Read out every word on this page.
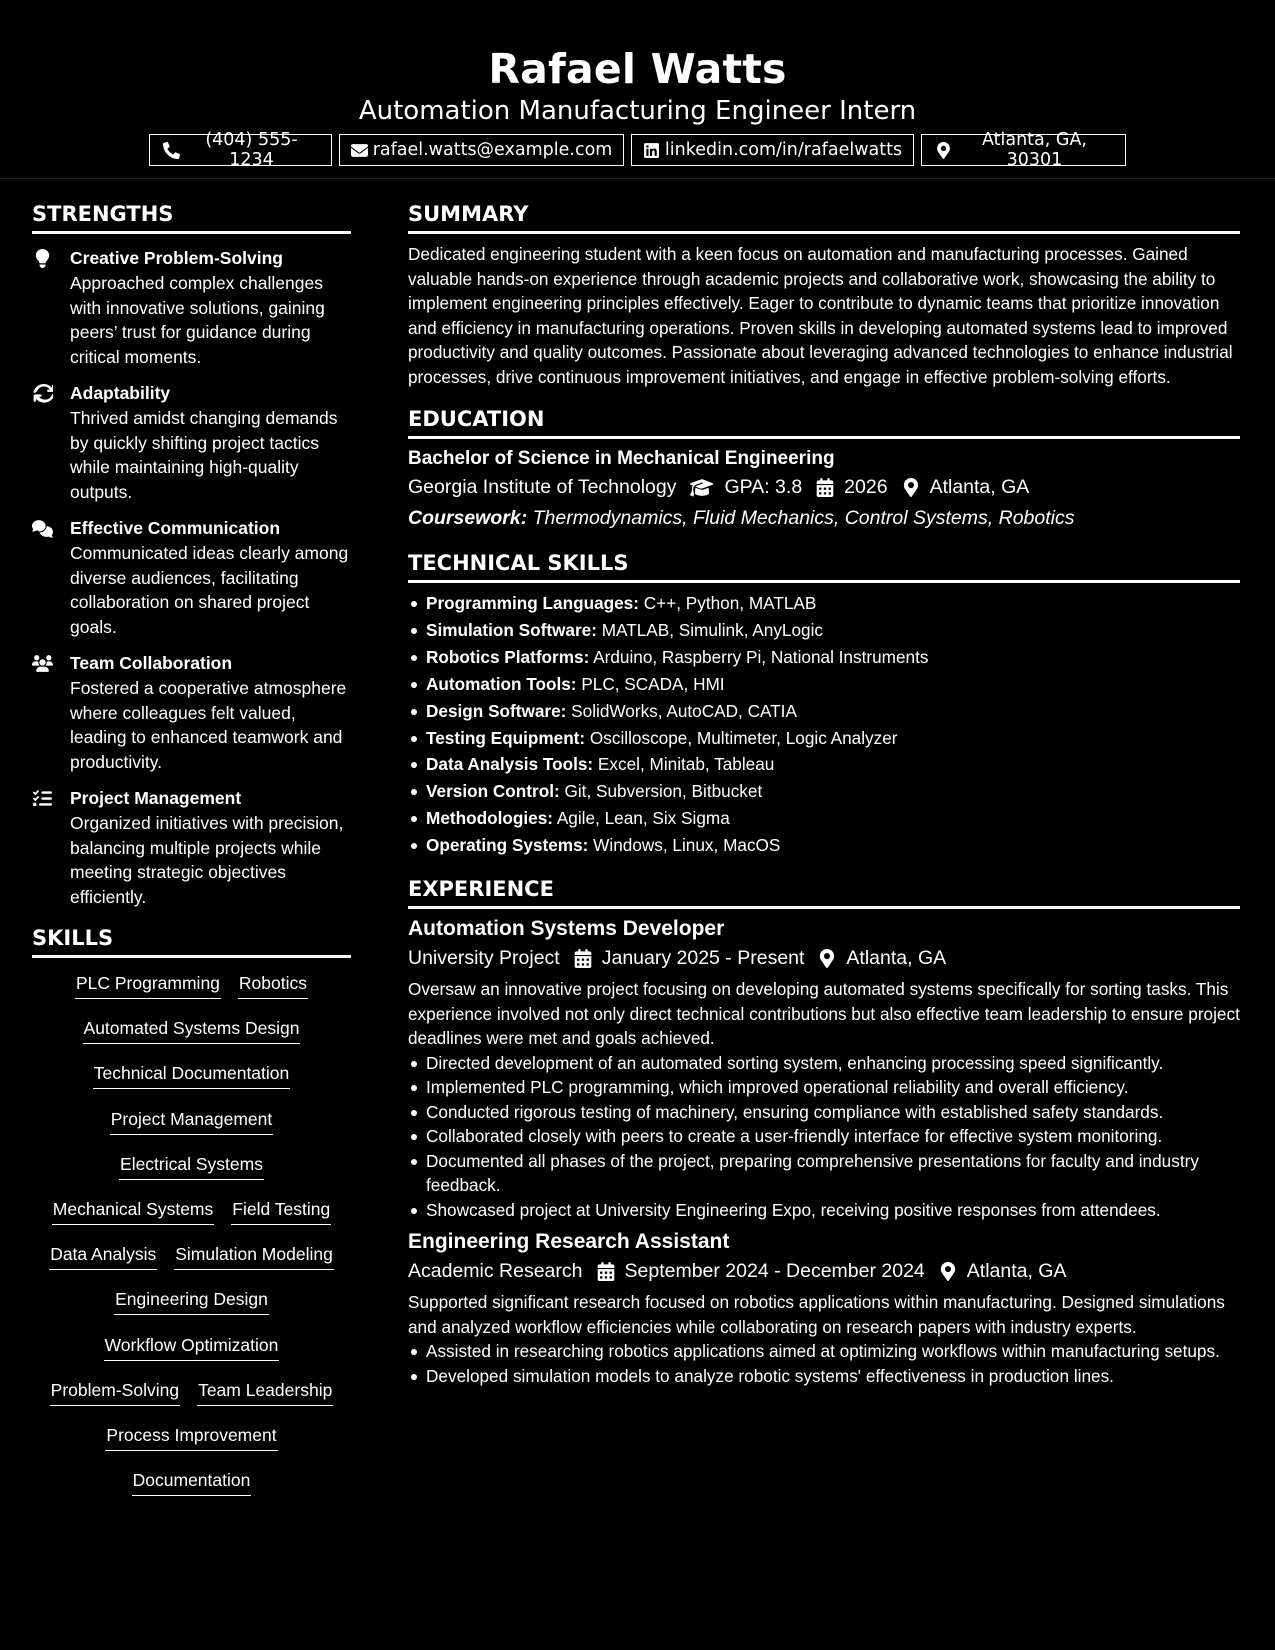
Rafael Watts
Automation Manufacturing Engineer Intern
(404) 555-1234	rafael.watts@example.com	linkedin.com/in/rafaelwatts	Atlanta, GA, 30301
STRENGTHS
Creative Problem-Solving
Approached complex challenges with innovative solutions, gaining peers’ trust for guidance during critical moments.
Adaptability
Thrived amidst changing demands by quickly shifting project tactics while maintaining high-quality outputs.
Effective Communication
Communicated ideas clearly among diverse audiences, facilitating collaboration on shared project goals.
Team Collaboration
Fostered a cooperative atmosphere where colleagues felt valued, leading to enhanced teamwork and productivity.
Project Management
Organized initiatives with precision, balancing multiple projects while meeting strategic objectives efficiently.
SKILLS
PLC Programming Robotics
Automated Systems Design
Technical Documentation
Project Management
Electrical Systems
Mechanical Systems Field Testing
Data Analysis Simulation Modeling
Engineering Design
Workflow Optimization
Problem-Solving Team Leadership
Process Improvement
Documentation
SUMMARY
Dedicated engineering student with a keen focus on automation and manufacturing processes. Gained valuable hands-on experience through academic projects and collaborative work, showcasing the ability to implement engineering principles effectively. Eager to contribute to dynamic teams that prioritize innovation and efficiency in manufacturing operations. Proven skills in developing automated systems lead to improved productivity and quality outcomes. Passionate about leveraging advanced technologies to enhance industrial processes, drive continuous improvement initiatives, and engage in effective problem-solving efforts.
EDUCATION
Bachelor of Science in Mechanical Engineering
Georgia Institute of Technology GPA: 3.8 2026 Atlanta, GA
Coursework: Thermodynamics, Fluid Mechanics, Control Systems, Robotics
TECHNICAL SKILLS
Programming Languages: C++, Python, MATLAB
Simulation Software: MATLAB, Simulink, AnyLogic
Robotics Platforms: Arduino, Raspberry Pi, National Instruments
Automation Tools: PLC, SCADA, HMI
Design Software: SolidWorks, AutoCAD, CATIA
Testing Equipment: Oscilloscope, Multimeter, Logic Analyzer
Data Analysis Tools: Excel, Minitab, Tableau
Version Control: Git, Subversion, Bitbucket
Methodologies: Agile, Lean, Six Sigma
Operating Systems: Windows, Linux, MacOS
EXPERIENCE
Automation Systems Developer
University Project January 2025 - Present Atlanta, GA
Oversaw an innovative project focusing on developing automated systems specifically for sorting tasks. This experience involved not only direct technical contributions but also effective team leadership to ensure project deadlines were met and goals achieved.
Directed development of an automated sorting system, enhancing processing speed significantly.
Implemented PLC programming, which improved operational reliability and overall efficiency.
Conducted rigorous testing of machinery, ensuring compliance with established safety standards.
Collaborated closely with peers to create a user-friendly interface for effective system monitoring.
Documented all phases of the project, preparing comprehensive presentations for faculty and industry feedback.
Showcased project at University Engineering Expo, receiving positive responses from attendees.
Engineering Research Assistant
Academic Research September 2024 - December 2024 Atlanta, GA
Supported significant research focused on robotics applications within manufacturing. Designed simulations and analyzed workflow efficiencies while collaborating on research papers with industry experts.
Assisted in researching robotics applications aimed at optimizing workflows within manufacturing setups.
Developed simulation models to analyze robotic systems' effectiveness in production lines.
